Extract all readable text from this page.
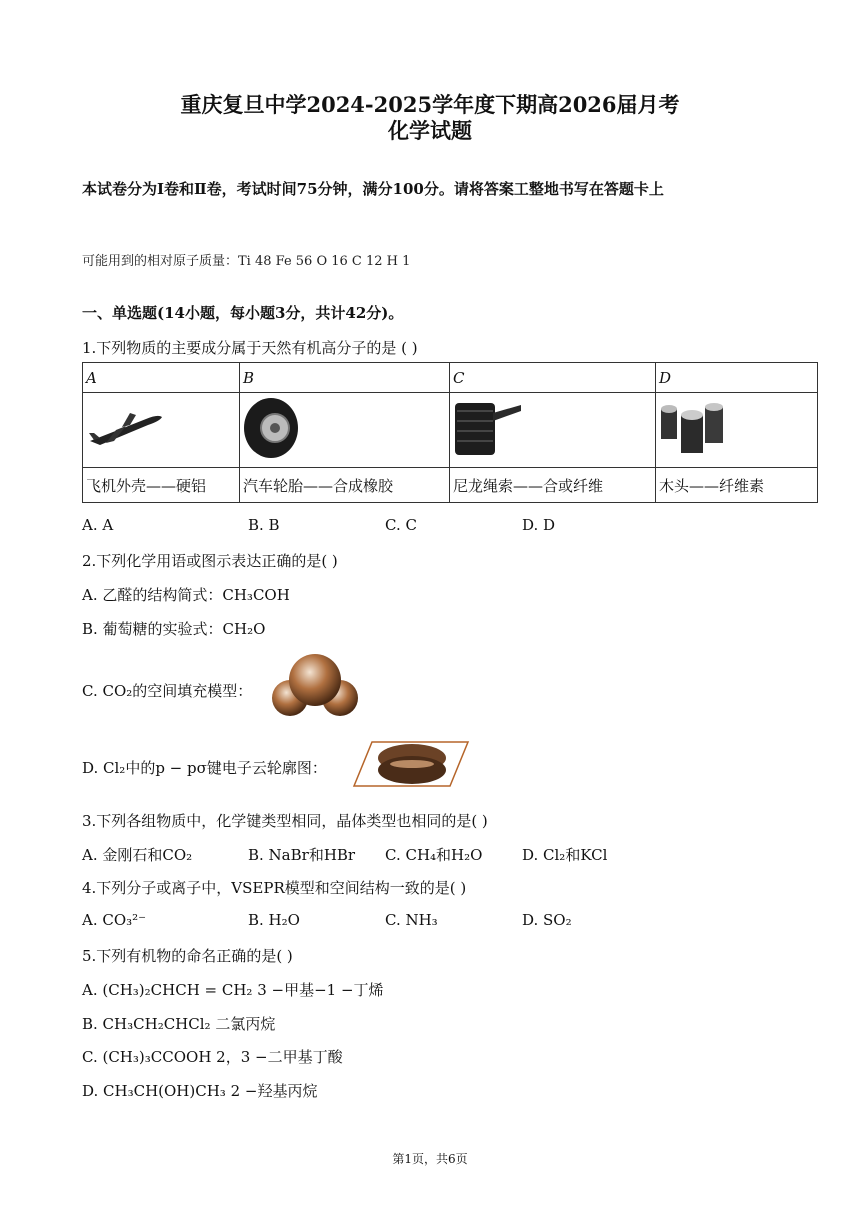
重庆复旦中学2024-2025学年度下期高2026届月考
化学试题
本试卷分为Ⅰ卷和Ⅱ卷，考试时间75分钟，满分100分。请将答案工整地书写在答题卡上
可能用到的相对原子质量：Ti 48 Fe 56 O 16 C 12 H 1
一、单选题(14小题，每小题3分，共计42分)。
1.下列物质的主要成分属于天然有机高分子的是 ( )
A	B	C	D

飞机外壳——硬铝	汽车轮胎——合成橡胶	尼龙绳索——合或纤维	木头——纤维素
A. A	B. B	C. C	D. D
2.下列化学用语或图示表达正确的是( )
A. 乙醛的结构简式：CH₃COH
B. 葡萄糖的实验式：CH₂O
C. CO₂的空间填充模型：
D. Cl₂中的p − pσ键电子云轮廓图：
3.下列各组物质中，化学键类型相同，晶体类型也相同的是( )
A. 金刚石和CO₂	B. NaBr和HBr C. CH₄和H₂O	D. Cl₂和KCl
4.下列分子或离子中，VSEPR模型和空间结构一致的是( )
A. CO₃²⁻	B. H₂O	C. NH₃	D. SO₂
5.下列有机物的命名正确的是( )
A. (CH₃)₂CHCH = CH₂ 3 −甲基−1 −丁烯
B. CH₃CH₂CHCl₂ 二氯丙烷
C. (CH₃)₃CCOOH 2，3 −二甲基丁酸
D. CH₃CH(OH)CH₃ 2 −羟基丙烷
第1页，共6页
